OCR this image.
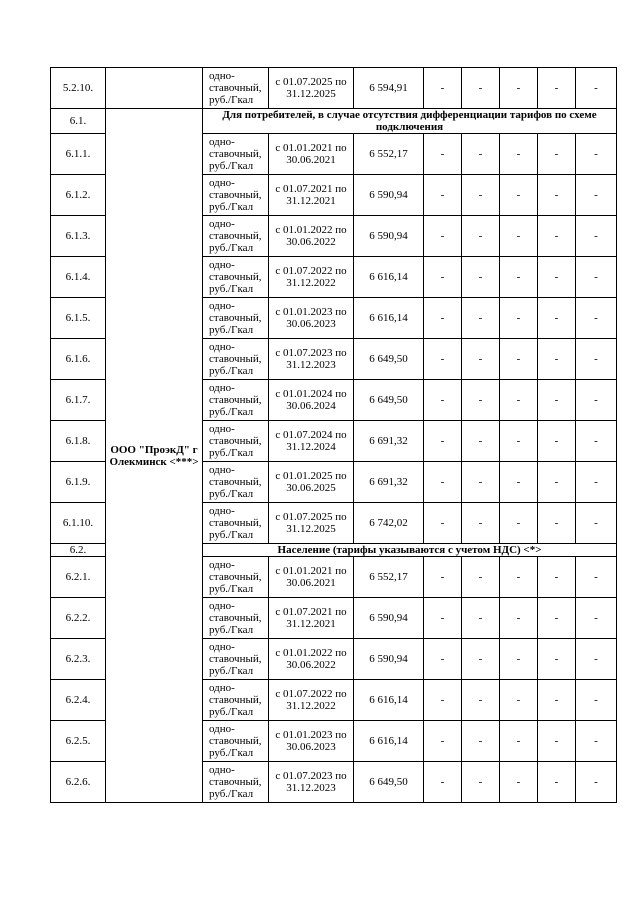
5.2.10.		одно-ставочный, руб./Гкал	с 01.07.2025 по 31.12.2025	6 594,91	-	-	-	-	-
6.1.	ООО "ПроэкД" г Олекминск <***>	Для потребителей, в случае отсутствия дифференциации тарифов по схеме подключения							
6.1.1.		одно-ставочный, руб./Гкал	с 01.01.2021 по 30.06.2021	6 552,17	-	-	-	-	-
6.1.2.		одно-ставочный, руб./Гкал	с 01.07.2021 по 31.12.2021	6 590,94	-	-	-	-	-
6.1.3.		одно-ставочный, руб./Гкал	с 01.01.2022 по 30.06.2022	6 590,94	-	-	-	-	-
6.1.4.		одно-ставочный, руб./Гкал	с 01.07.2022 по 31.12.2022	6 616,14	-	-	-	-	-
6.1.5.		одно-ставочный, руб./Гкал	с 01.01.2023 по 30.06.2023	6 616,14	-	-	-	-	-
6.1.6.		одно-ставочный, руб./Гкал	с 01.07.2023 по 31.12.2023	6 649,50	-	-	-	-	-
6.1.7.		одно-ставочный, руб./Гкал	с 01.01.2024 по 30.06.2024	6 649,50	-	-	-	-	-
6.1.8.		одно-ставочный, руб./Гкал	с 01.07.2024 по 31.12.2024	6 691,32	-	-	-	-	-
6.1.9.		одно-ставочный, руб./Гкал	с 01.01.2025 по 30.06.2025	6 691,32	-	-	-	-	-
6.1.10.		одно-ставочный, руб./Гкал	с 01.07.2025 по 31.12.2025	6 742,02	-	-	-	-	-
6.2.		Население (тарифы указываются с учетом НДС) <*>							
6.2.1.		одно-ставочный, руб./Гкал	с 01.01.2021 по 30.06.2021	6 552,17	-	-	-	-	-
6.2.2.		одно-ставочный, руб./Гкал	с 01.07.2021 по 31.12.2021	6 590,94	-	-	-	-	-
6.2.3.		одно-ставочный, руб./Гкал	с 01.01.2022 по 30.06.2022	6 590,94	-	-	-	-	-
6.2.4.		одно-ставочный, руб./Гкал	с 01.07.2022 по 31.12.2022	6 616,14	-	-	-	-	-
6.2.5.		одно-ставочный, руб./Гкал	с 01.01.2023 по 30.06.2023	6 616,14	-	-	-	-	-
6.2.6.		одно-ставочный, руб./Гкал	с 01.07.2023 по 31.12.2023	6 649,50	-	-	-	-	-
